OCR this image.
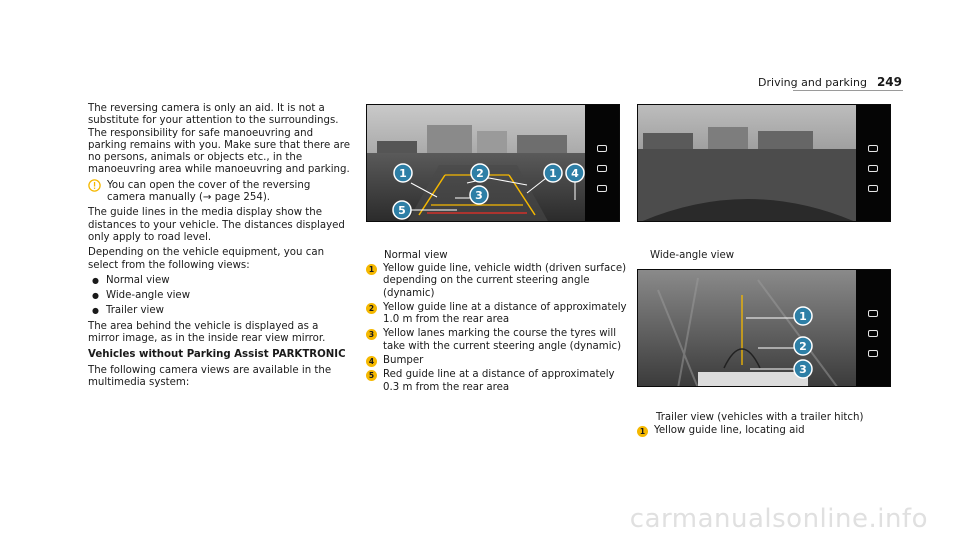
Driving and parking 249

The reversing camera is only an aid. It is not a substitute for your attention to the surroundings. The responsibility for safe manoeuvring and parking remains with you. Make sure that there are no persons, animals or objects etc., in the manoeuvring area while manoeuvring and parking.

You can open the cover of the reversing camera manually (→ page 254).

The guide lines in the media display show the distances to your vehicle. The distances displayed only apply to road level.

Depending on the vehicle equipment, you can select from the following views:

● Normal view
● Wide-angle view
● Trailer view

The area behind the vehicle is displayed as a mirror image, as in the inside rear view mirror.

Vehicles without Parking Assist PARKTRONIC

The following camera views are available in the multimedia system:

1	2
3
1 4
5
1
2
3
Normal view
1 Yellow guide line, vehicle width (driven surface) depending on the current steering angle (dynamic)
2 Yellow guide line at a distance of approximately 1.0 m from the rear area
3 Yellow lanes marking the course the tyres will take with the current steering angle (dynamic)
4 Bumper
5 Red guide line at a distance of approximately 0.3 m from the rear area
Wide-angle view
Trailer view (vehicles with a trailer hitch)
1 Yellow guide line, locating aid
carmanualsonline.info
